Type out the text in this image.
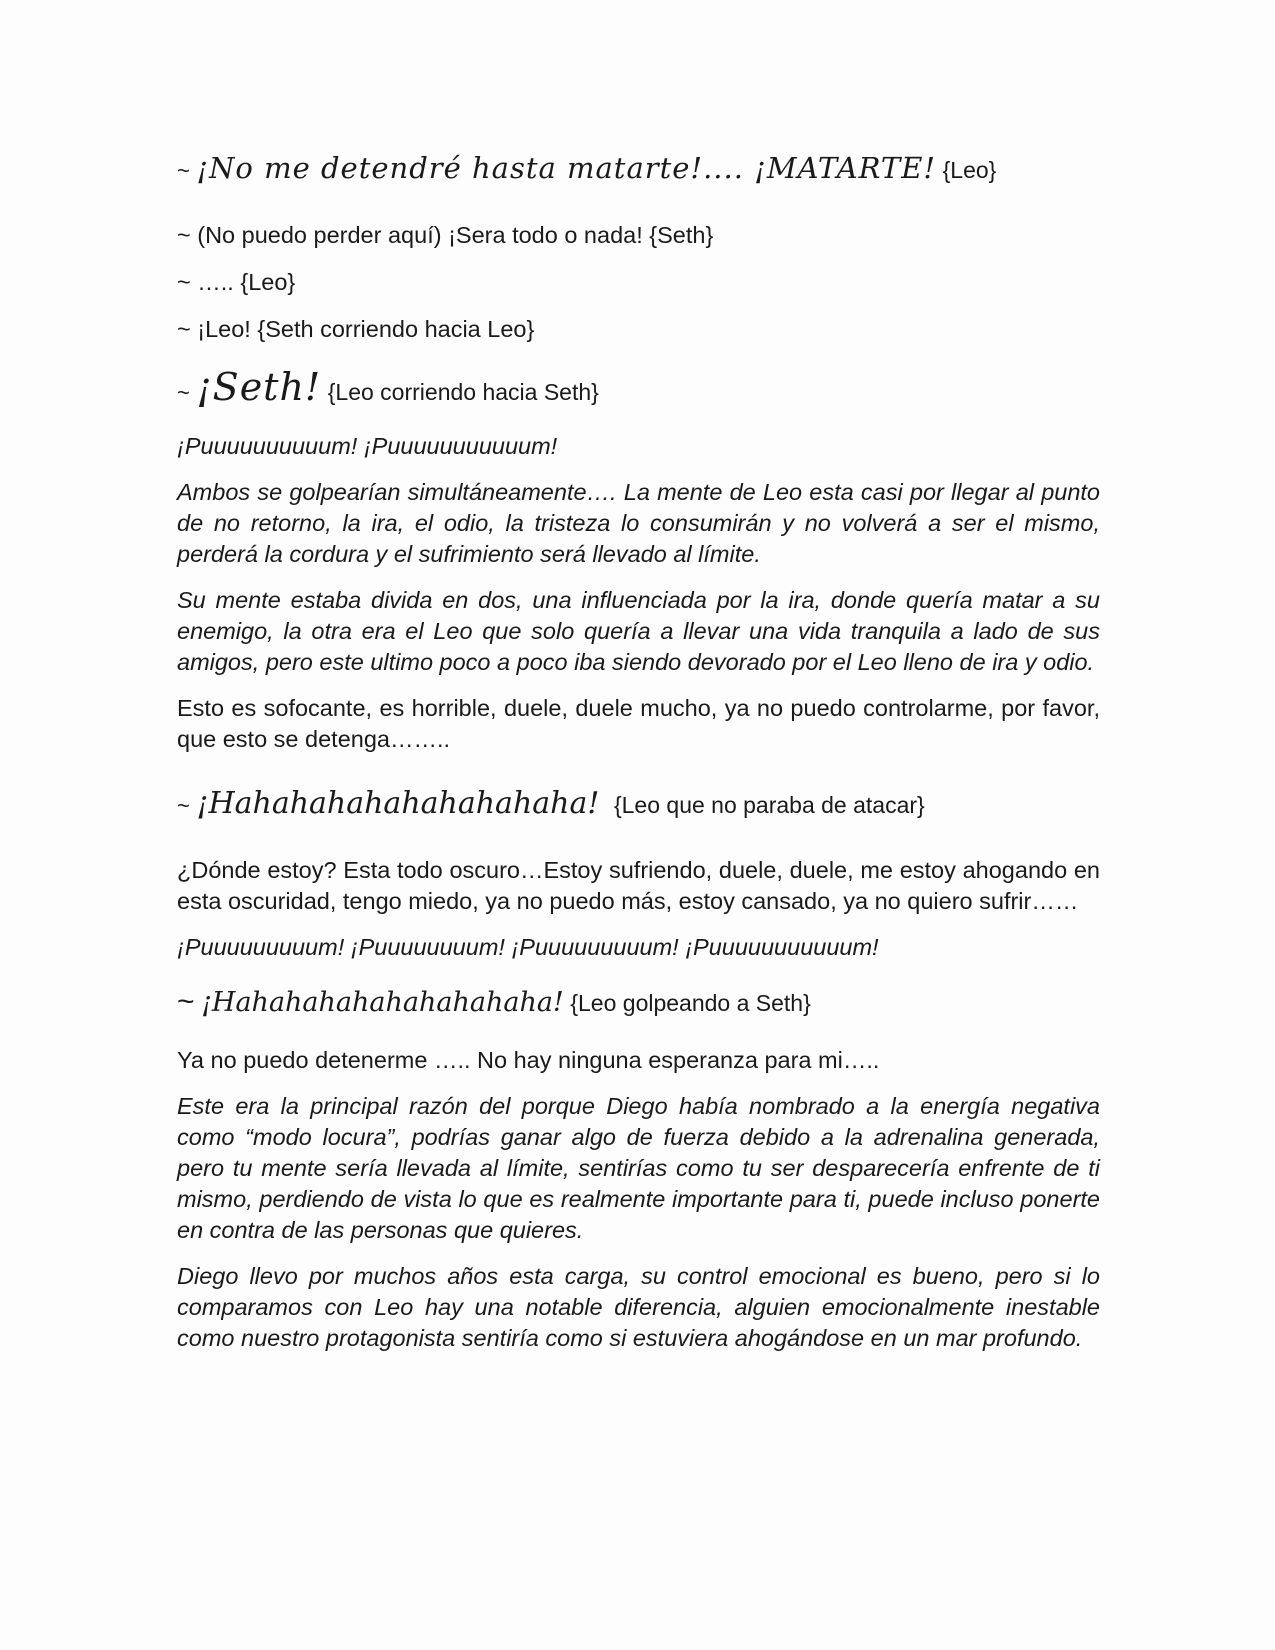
~ ¡No me detendré hasta matarte!.... ¡MATARTE! {Leo}

~ (No puedo perder aquí) ¡Sera todo o nada! {Seth}

~ ….. {Leo}

~ ¡Leo! {Seth corriendo hacia Leo}

~ ¡Seth! {Leo corriendo hacia Seth}

¡Puuuuuuuuuum! ¡Puuuuuuuuuuum!

Ambos se golpearían simultáneamente…. La mente de Leo esta casi por llegar al punto de no retorno, la ira, el odio, la tristeza lo consumirán y no volverá a ser el mismo, perderá la cordura y el sufrimiento será llevado al límite.

Su mente estaba divida en dos, una influenciada por la ira, donde quería matar a su enemigo, la otra era el Leo que solo quería a llevar una vida tranquila a lado de sus amigos, pero este ultimo poco a poco iba siendo devorado por el Leo lleno de ira y odio.

Esto es sofocante, es horrible, duele, duele mucho, ya no puedo controlarme, por favor, que esto se detenga……..

~ ¡Hahahahahahahahahaha! {Leo que no paraba de atacar}

¿Dónde estoy? Esta todo oscuro…Estoy sufriendo, duele, duele, me estoy ahogando en esta oscuridad, tengo miedo, ya no puedo más, estoy cansado, ya no quiero sufrir……

¡Puuuuuuuuum! ¡Puuuuuuuum! ¡Puuuuuuuuum! ¡Puuuuuuuuuuum!

~ ¡Hahahahahahahahahaha! {Leo golpeando a Seth}

Ya no puedo detenerme ….. No hay ninguna esperanza para mi…..

Este era la principal razón del porque Diego había nombrado a la energía negativa como “modo locura”, podrías ganar algo de fuerza debido a la adrenalina generada, pero tu mente sería llevada al límite, sentirías como tu ser desparecería enfrente de ti mismo, perdiendo de vista lo que es realmente importante para ti, puede incluso ponerte en contra de las personas que quieres.

Diego llevo por muchos años esta carga, su control emocional es bueno, pero si lo comparamos con Leo hay una notable diferencia, alguien emocionalmente inestable como nuestro protagonista sentiría como si estuviera ahogándose en un mar profundo.
